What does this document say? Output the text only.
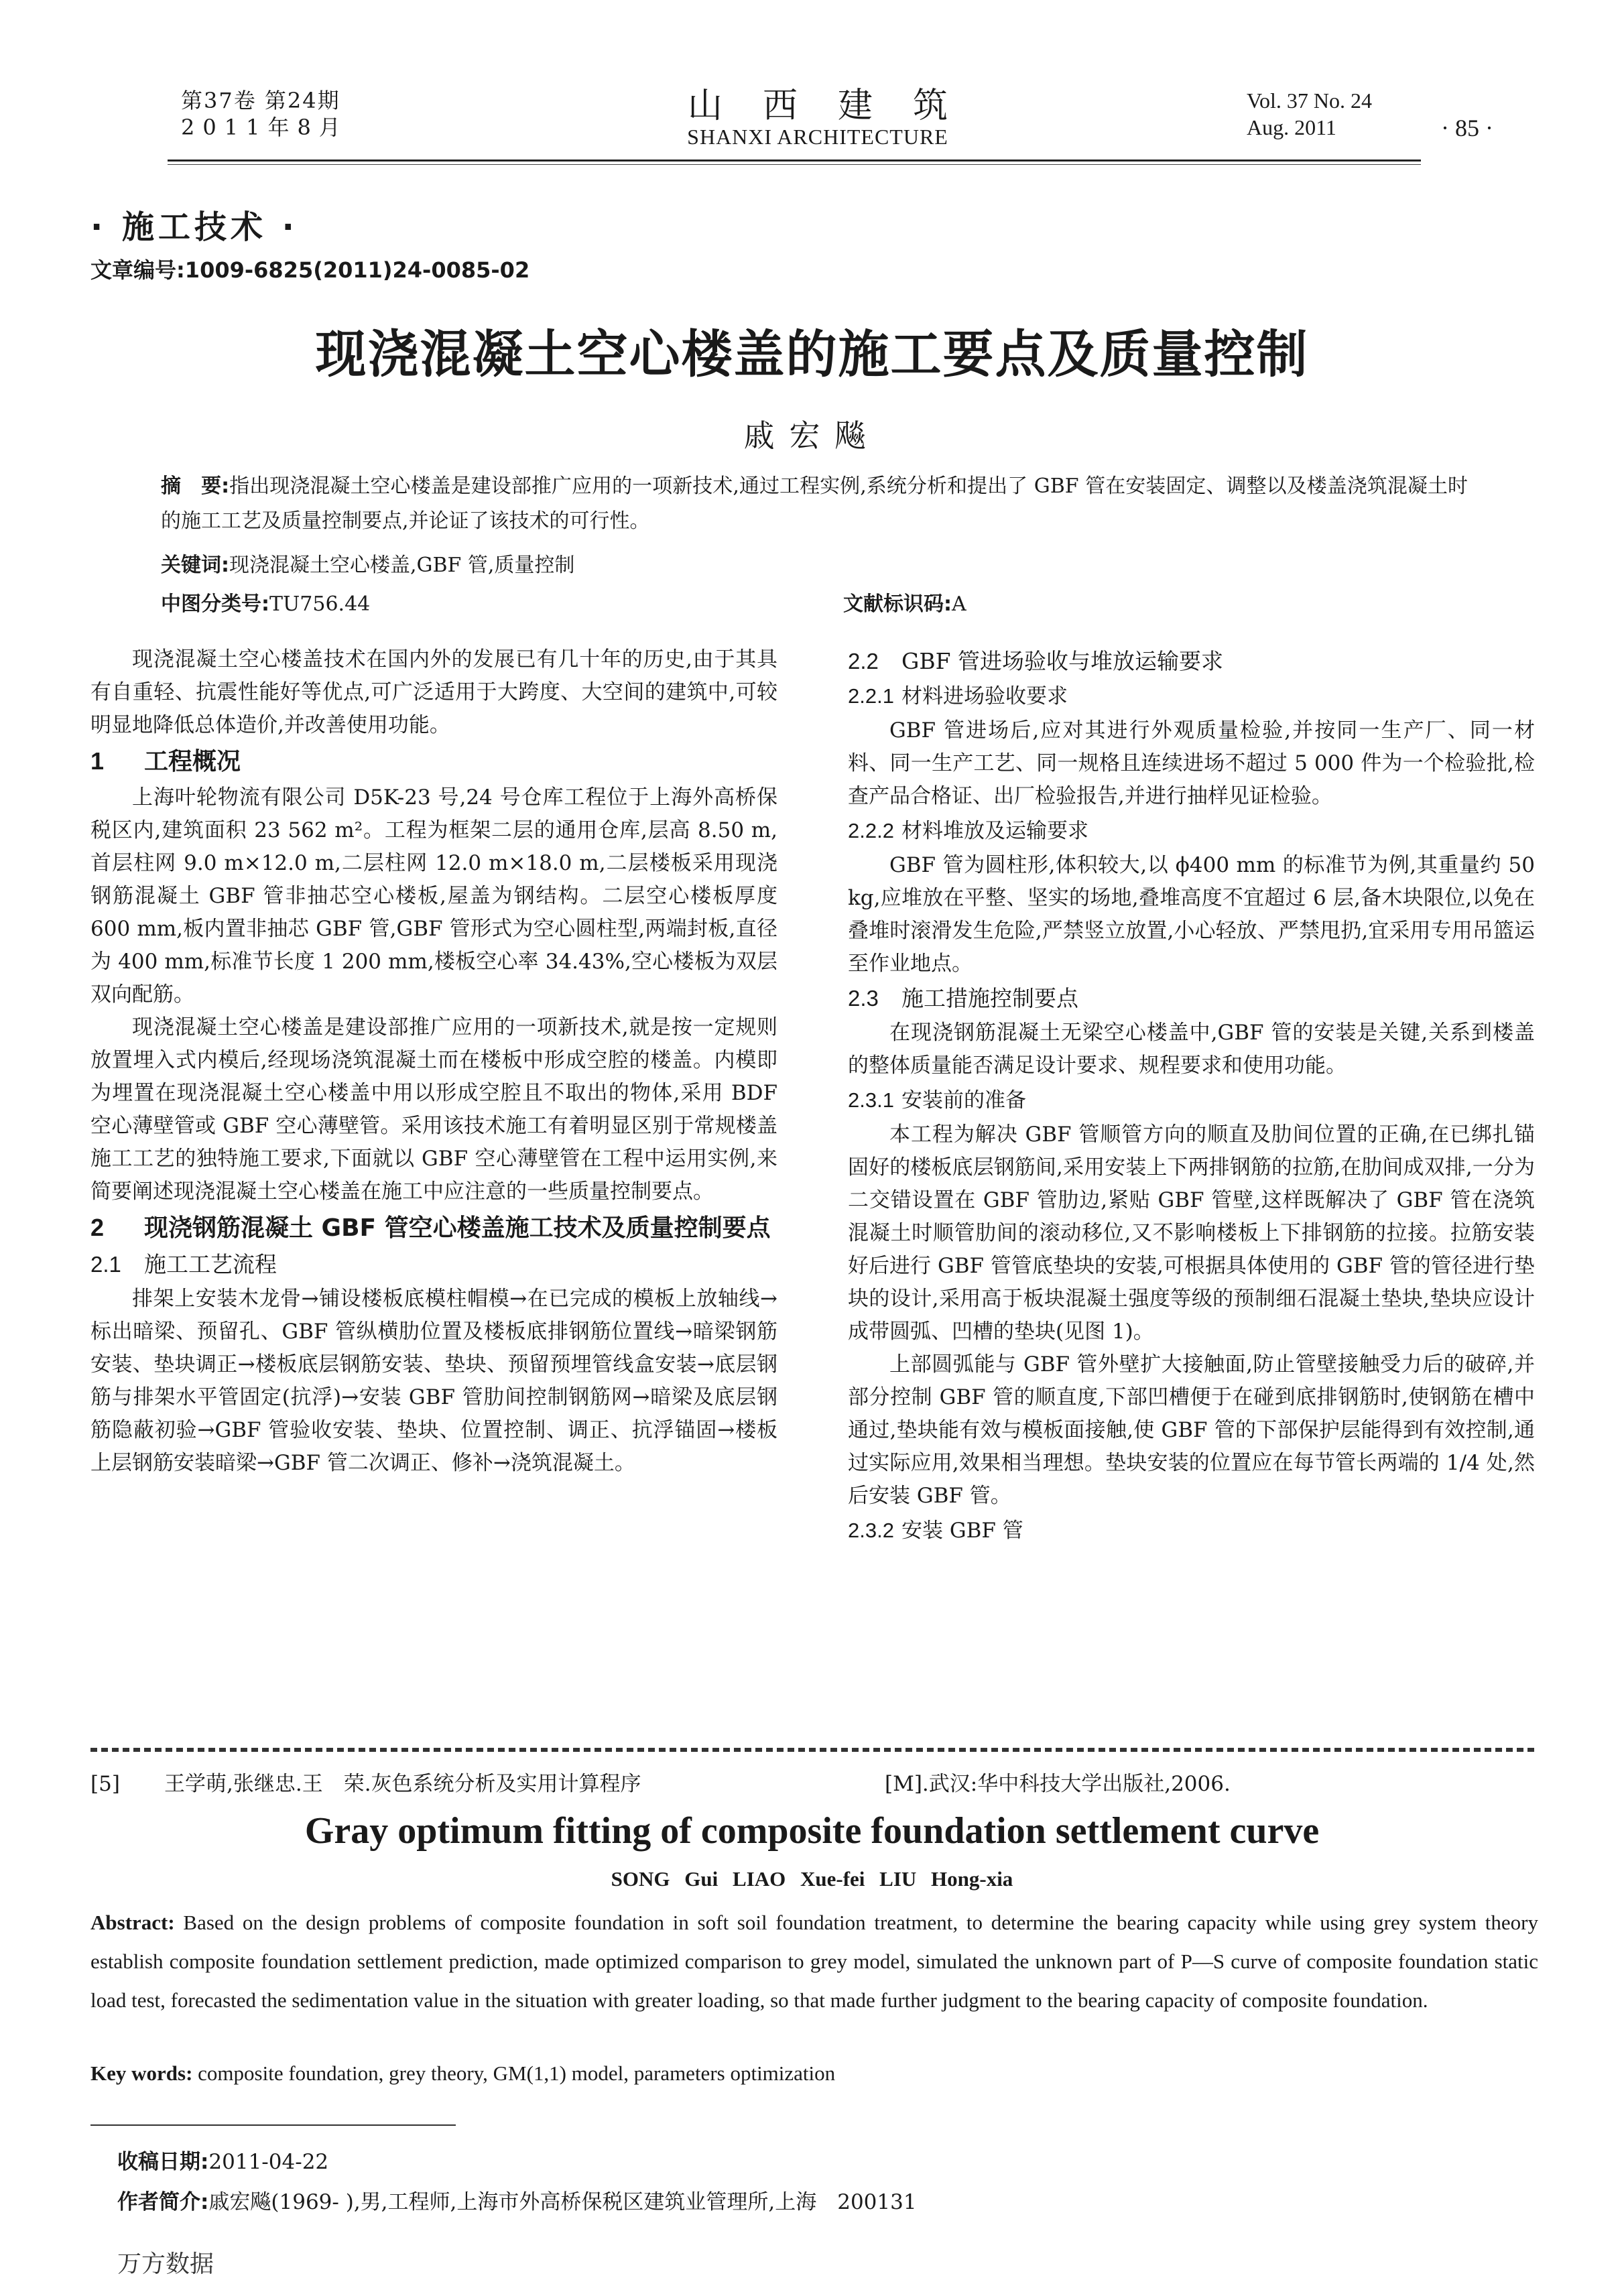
第37卷 第24期
2011年8月
山西建筑
SHANXI ARCHITECTURE
Vol. 37 No. 24
Aug. 2011	· 85 ·
· 施工技术 ·
文章编号:1009-6825(2011)24-0085-02
现浇混凝土空心楼盖的施工要点及质量控制
戚宏飚
摘　要:指出现浇混凝土空心楼盖是建设部推广应用的一项新技术,通过工程实例,系统分析和提出了 GBF 管在安装固定、调整以及楼盖浇筑混凝土时的施工工艺及质量控制要点,并论证了该技术的可行性。
关键词:现浇混凝土空心楼盖,GBF 管,质量控制
中图分类号:TU756.44	文献标识码:A

现浇混凝土空心楼盖技术在国内外的发展已有几十年的历史,由于其具有自重轻、抗震性能好等优点,可广泛适用于大跨度、大空间的建筑中,可较明显地降低总体造价,并改善使用功能。

1 工程概况

上海叶轮物流有限公司 D5K-23 号,24 号仓库工程位于上海外高桥保税区内,建筑面积 23 562 m²。工程为框架二层的通用仓库,层高 8.50 m,首层柱网 9.0 m×12.0 m,二层柱网 12.0 m×18.0 m,二层楼板采用现浇钢筋混凝土 GBF 管非抽芯空心楼板,屋盖为钢结构。二层空心楼板厚度 600 mm,板内置非抽芯 GBF 管,GBF 管形式为空心圆柱型,两端封板,直径为 400 mm,标准节长度 1 200 mm,楼板空心率 34.43%,空心楼板为双层双向配筋。

现浇混凝土空心楼盖是建设部推广应用的一项新技术,就是按一定规则放置埋入式内模后,经现场浇筑混凝土而在楼板中形成空腔的楼盖。内模即为埋置在现浇混凝土空心楼盖中用以形成空腔且不取出的物体,采用 BDF 空心薄壁管或 GBF 空心薄壁管。采用该技术施工有着明显区别于常规楼盖施工工艺的独特施工要求,下面就以 GBF 空心薄壁管在工程中运用实例,来简要阐述现浇混凝土空心楼盖在施工中应注意的一些质量控制要点。

2 现浇钢筋混凝土 GBF 管空心楼盖施工技术及质量控制要点
2.1 施工工艺流程

排架上安装木龙骨→铺设楼板底模柱帽模→在已完成的模板上放轴线→标出暗梁、预留孔、GBF 管纵横肋位置及楼板底排钢筋位置线→暗梁钢筋安装、垫块调正→楼板底层钢筋安装、垫块、预留预埋管线盒安装→底层钢筋与排架水平管固定(抗浮)→安装 GBF 管肋间控制钢筋网→暗梁及底层钢筋隐蔽初验→GBF 管验收安装、垫块、位置控制、调正、抗浮锚固→楼板上层钢筋安装暗梁→GBF 管二次调正、修补→浇筑混凝土。

2.2 GBF 管进场验收与堆放运输要求
2.2.1 材料进场验收要求

GBF 管进场后,应对其进行外观质量检验,并按同一生产厂、同一材料、同一生产工艺、同一规格且连续进场不超过 5 000 件为一个检验批,检查产品合格证、出厂检验报告,并进行抽样见证检验。

2.2.2 材料堆放及运输要求

GBF 管为圆柱形,体积较大,以 ϕ400 mm 的标准节为例,其重量约 50 kg,应堆放在平整、坚实的场地,叠堆高度不宜超过 6 层,备木块限位,以免在叠堆时滚滑发生危险,严禁竖立放置,小心轻放、严禁甩扔,宜采用专用吊篮运至作业地点。

2.3 施工措施控制要点

在现浇钢筋混凝土无梁空心楼盖中,GBF 管的安装是关键,关系到楼盖的整体质量能否满足设计要求、规程要求和使用功能。

2.3.1 安装前的准备

本工程为解决 GBF 管顺管方向的顺直及肋间位置的正确,在已绑扎锚固好的楼板底层钢筋间,采用安装上下两排钢筋的拉筋,在肋间成双排,一分为二交错设置在 GBF 管肋边,紧贴 GBF 管壁,这样既解决了 GBF 管在浇筑混凝土时顺管肋间的滚动移位,又不影响楼板上下排钢筋的拉接。拉筋安装好后进行 GBF 管管底垫块的安装,可根据具体使用的 GBF 管的管径进行垫块的设计,采用高于板块混凝土强度等级的预制细石混凝土垫块,垫块应设计成带圆弧、凹槽的垫块(见图 1)。

上部圆弧能与 GBF 管外壁扩大接触面,防止管壁接触受力后的破碎,并部分控制 GBF 管的顺直度,下部凹槽便于在碰到底排钢筋时,使钢筋在槽中通过,垫块能有效与模板面接触,使 GBF 管的下部保护层能得到有效控制,通过实际应用,效果相当理想。垫块安装的位置应在每节管长两端的 1/4 处,然后安装 GBF 管。

2.3.2 安装 GBF 管
[5] 王学萌,张继忠.王　荣.灰色系统分析及实用计算程序	[M].武汉:华中科技大学出版社,2006.
Gray optimum fitting of composite foundation settlement curve
SONG Gui LIAO Xue-fei LIU Hong-xia
Abstract: Based on the design problems of composite foundation in soft soil foundation treatment, to determine the bearing capacity while using grey system theory establish composite foundation settlement prediction, made optimized comparison to grey model, simulated the unknown part of P—S curve of composite foundation static load test, forecasted the sedimentation value in the situation with greater loading, so that made further judgment to the bearing capacity of composite foundation.
Key words: composite foundation, grey theory, GM(1,1) model, parameters optimization
收稿日期:2011-04-22
作者简介:戚宏飚(1969- ),男,工程师,上海市外高桥保税区建筑业管理所,上海　200131
万方数据
